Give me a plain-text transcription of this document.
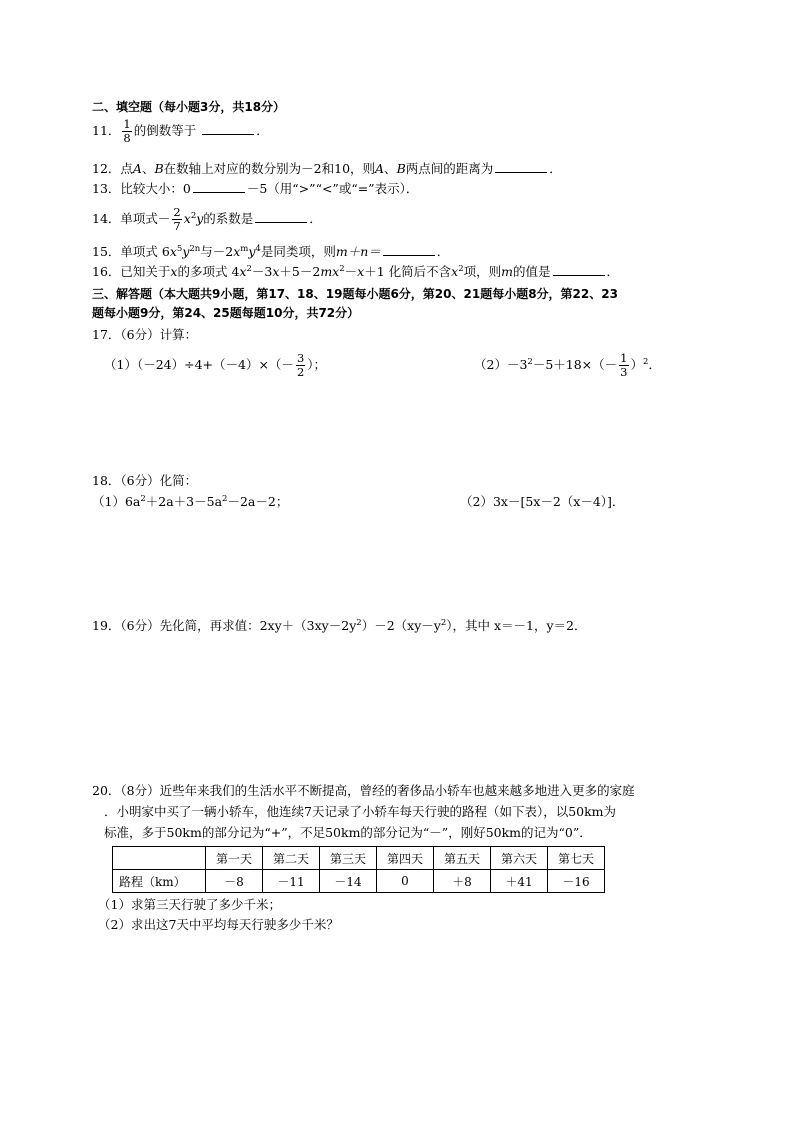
二、填空题（每小题3分，共18分）
11． $\frac{1}{8}$ 的倒数等于	．
12．点A、B在数轴上对应的数分别为－2和10，则A、B两点间的距离为	．
13．比较大小：0	－5（用“>”“<”或“=”表示）．
14．单项式－ $\frac{2}{7} x^2y$的系数是	．
15．单项式 $6x^5y^{2n}$与$-2x^my^4$是同类项，则m＋n＝	．
16．已知关于x的多项式 $4x^2-3x+5-2mx^2-x+1$ 化简后不含$x^2$项，则m的值是	．
三、解答题（本大题共9小题，第17、18、19题每小题6分，第20、21题每小题8分，第22、23
题每小题9分，第24、25题每题10分，共72分）
17．（6分）计算：
$(1)(-24)\div 4+(-4)\times(- \frac{3}{2}$ ）；	$(2)-3^2-5+18\times(- \frac{1}{3} )^2$．
18．（6分）化简：
$(1)6a^2+2a+3-5a^2-2a-2$；	（2）3x－[5x－2（x－4）]．
19．（6分）先化简，再求值：$2xy+(3xy-2y^2)-2(xy-y^2)$，其中 x＝－1，y＝2．
20．（8分）近些年来我们的生活水平不断提高，曾经的奢侈品小轿车也越来越多地进入更多的家庭
．小明家中买了一辆小轿车，他连续7天记录了小轿车每天行驶的路程（如下表），以50km为
标准，多于50km的部分记为“+”，不足50km的部分记为“－”，刚好50km的记为“0”．
	第一天	第二天	第三天	第四天	第五天	第六天	第七天
路程（km）	－8	－11	－14	0	＋8	＋41	－16
（1）求第三天行驶了多少千米；
（2）求出这7天中平均每天行驶多少千米？
